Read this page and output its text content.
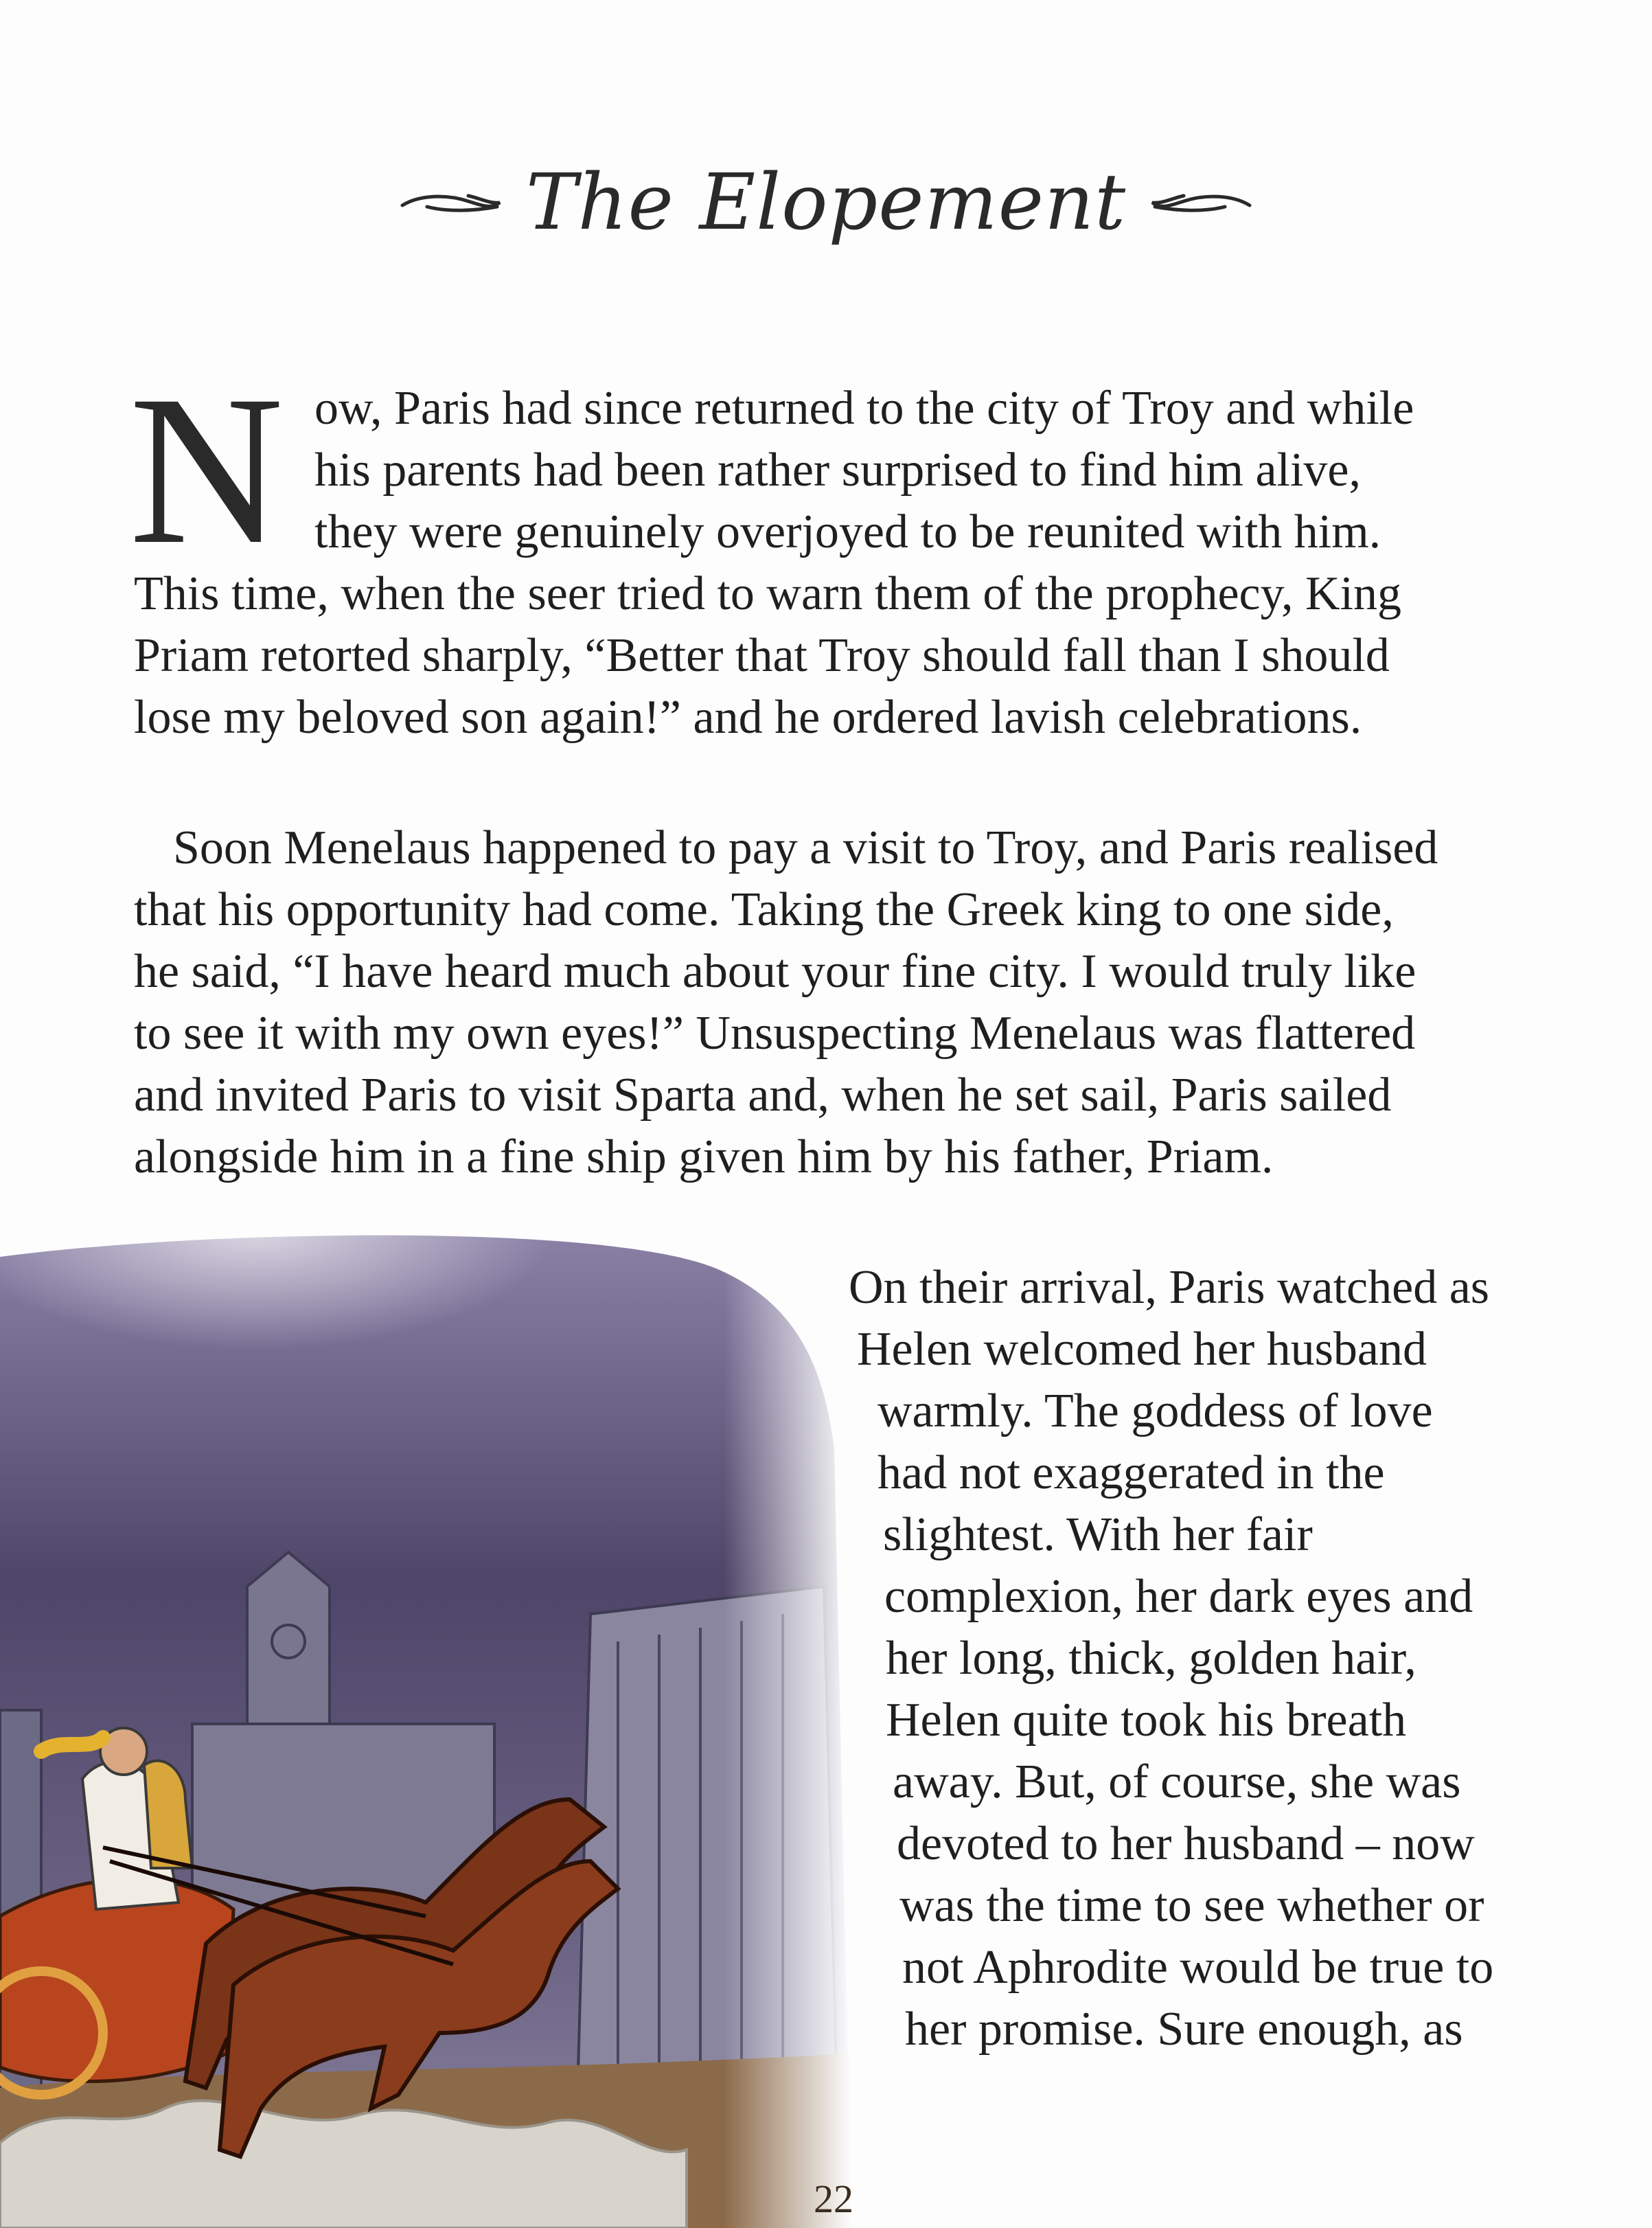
The Elopement
N ow, Paris had since returned to the city of Troy and while
his parents had been rather surprised to find him alive,
they were genuinely overjoyed to be reunited with him.
This time, when the seer tried to warn them of the prophecy, King
Priam retorted sharply, “Better that Troy should fall than I should
lose my beloved son again!” and he ordered lavish celebrations.
Soon Menelaus happened to pay a visit to Troy, and Paris realised
that his opportunity had come. Taking the Greek king to one side,
he said, “I have heard much about your fine city. I would truly like
to see it with my own eyes!” Unsuspecting Menelaus was flattered
and invited Paris to visit Sparta and, when he set sail, Paris sailed
alongside him in a fine ship given him by his father, Priam.
On their arrival, Paris watched as
Helen welcomed her husband
warmly. The goddess of love
had not exaggerated in the
slightest. With her fair
complexion, her dark eyes and
her long, thick, golden hair,
Helen quite took his breath
away. But, of course, she was
devoted to her husband – now
was the time to see whether or
not Aphrodite would be true to
her promise. Sure enough, as
22
